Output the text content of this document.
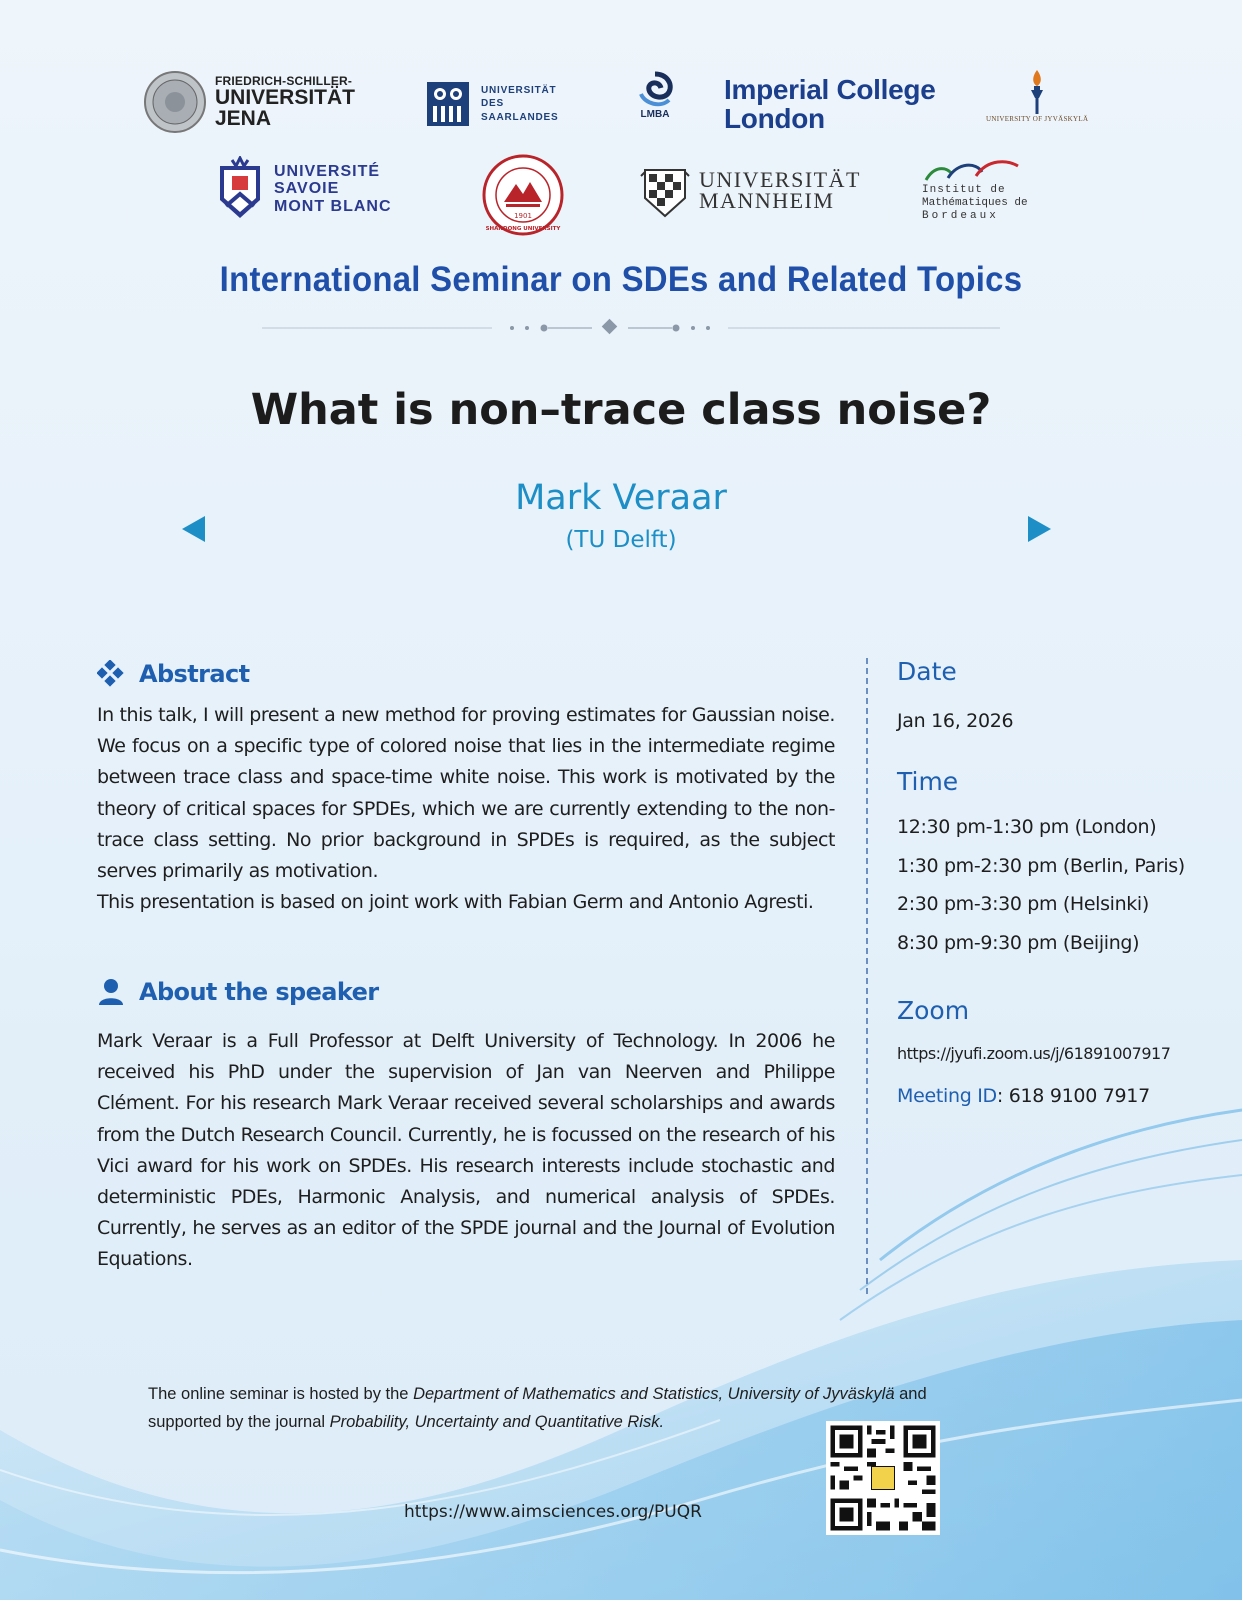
FRIEDRICH-SCHILLER-
UNIVERSITÄT
JENA
UNIVERSITÄT
DES
SAARLANDES	LMBA
Imperial College
London	UNIVERSITY OF JYVÄSKYLÄ
UNIVERSITÉ
SAVOIE
MONT BLANC
1901
SHANDONG UNIVERSITY
UNIVERSITÄT
MANNHEIM	Institut de
Mathématiques de
Bordeaux
International Seminar on SDEs and Related Topics
What is non–trace class noise?
Mark Veraar
(TU Delft)
Abstract

In this talk, I will present a new method for proving estimates for Gaussian noise. We focus on a specific type of colored noise that lies in the intermediate regime between trace class and space-time white noise. This work is motivated by the theory of critical spaces for SPDEs, which we are currently extending to the non-trace class setting. No prior background in SPDEs is required, as the subject serves primarily as motivation.

This presentation is based on joint work with Fabian Germ and Antonio Agresti.

About the speaker

Mark Veraar is a Full Professor at Delft University of Technology. In 2006 he received his PhD under the supervision of Jan van Neerven and Philippe Clément. For his research Mark Veraar received several scholarships and awards from the Dutch Research Council. Currently, he is focussed on the research of his Vici award for his work on SPDEs. His research interests include stochastic and deterministic PDEs, Harmonic Analysis, and numerical analysis of SPDEs. Currently, he serves as an editor of the SPDE journal and the Journal of Evolution Equations.

Date
Jan 16, 2026
Time
12:30 pm-1:30 pm (London)
1:30 pm-2:30 pm (Berlin, Paris)
2:30 pm-3:30 pm (Helsinki)
8:30 pm-9:30 pm (Beijing)
Zoom
https://jyufi.zoom.us/j/61891007917
Meeting ID: 618 9100 7917
The online seminar is hosted by the Department of Mathematics and Statistics, University of Jyväskylä and
supported by the journal Probability, Uncertainty and Quantitative Risk.
https://www.aimsciences.org/PUQR
